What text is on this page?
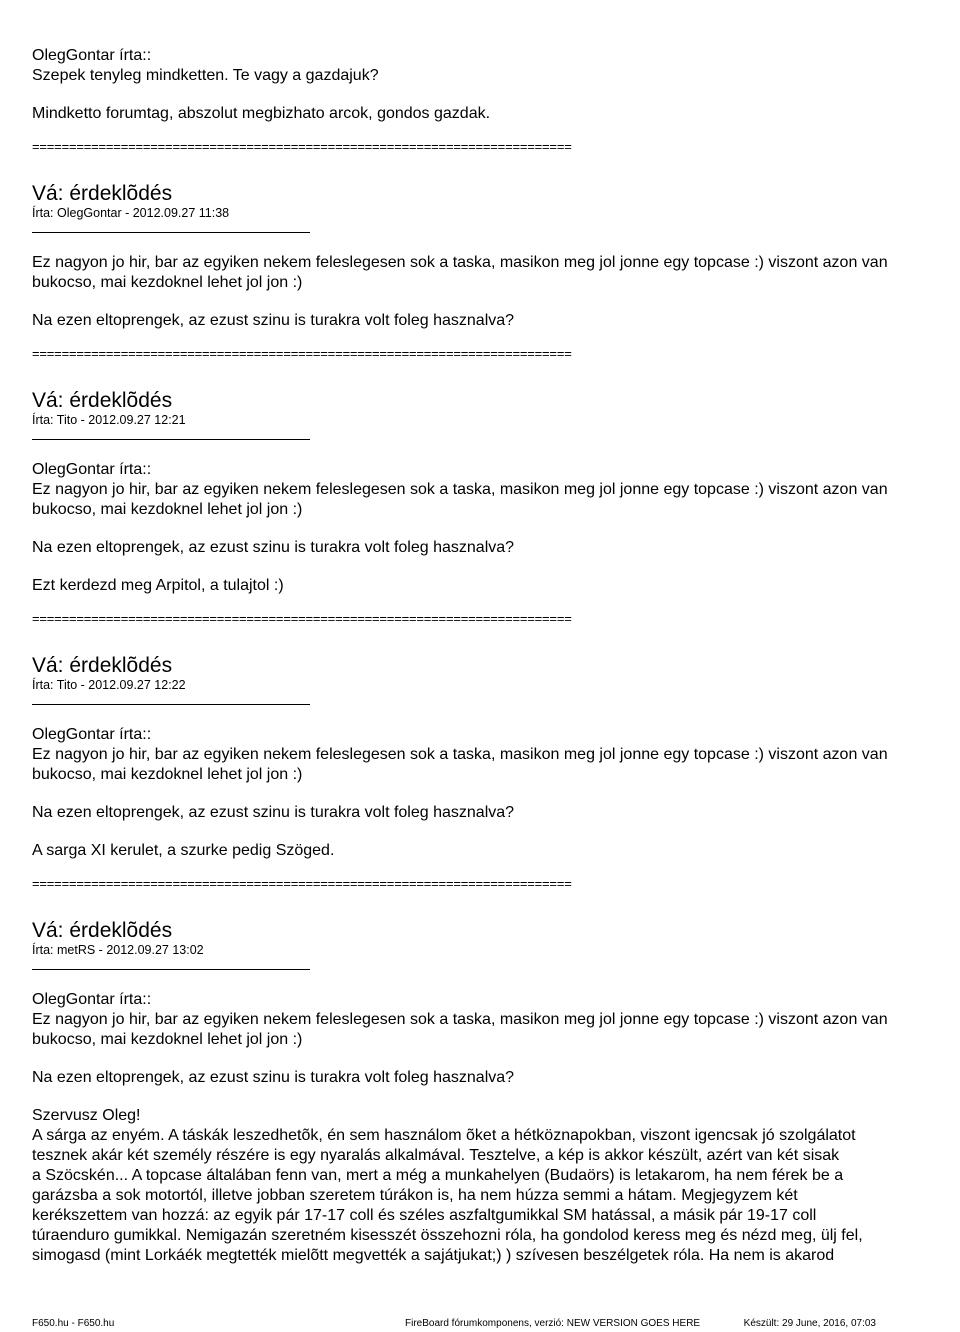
OlegGontar írta::

Szepek tenyleg mindketten. Te vagy a gazdajuk?

Mindketto forumtag, abszolut megbizhato arcok, gondos gazdak.

=========================================================================

Vá: érdeklõdés

Írta: OlegGontar - 2012.09.27 11:38

Ez nagyon jo hir, bar az egyiken nekem feleslegesen sok a taska, masikon meg jol jonne egy topcase :) viszont azon van

bukocso, mai kezdoknel lehet jol jon :)

Na ezen eltoprengek, az ezust szinu is turakra volt foleg hasznalva?

=========================================================================

Vá: érdeklõdés

Írta: Tito - 2012.09.27 12:21

OlegGontar írta::

Ez nagyon jo hir, bar az egyiken nekem feleslegesen sok a taska, masikon meg jol jonne egy topcase :) viszont azon van

bukocso, mai kezdoknel lehet jol jon :)

Na ezen eltoprengek, az ezust szinu is turakra volt foleg hasznalva?

Ezt kerdezd meg Arpitol, a tulajtol :)

=========================================================================

Vá: érdeklõdés

Írta: Tito - 2012.09.27 12:22

OlegGontar írta::

Ez nagyon jo hir, bar az egyiken nekem feleslegesen sok a taska, masikon meg jol jonne egy topcase :) viszont azon van

bukocso, mai kezdoknel lehet jol jon :)

Na ezen eltoprengek, az ezust szinu is turakra volt foleg hasznalva?

A sarga XI kerulet, a szurke pedig Szöged.

=========================================================================

Vá: érdeklõdés

Írta: metRS - 2012.09.27 13:02

OlegGontar írta::

Ez nagyon jo hir, bar az egyiken nekem feleslegesen sok a taska, masikon meg jol jonne egy topcase :) viszont azon van

bukocso, mai kezdoknel lehet jol jon :)

Na ezen eltoprengek, az ezust szinu is turakra volt foleg hasznalva?

Szervusz Oleg!

A sárga az enyém. A táskák leszedhetõk, én sem használom õket a hétköznapokban, viszont igencsak jó szolgálatot

tesznek akár két személy részére is egy nyaralás alkalmával. Tesztelve, a kép is akkor készült, azért van két sisak

a Szöcskén... A topcase általában fenn van, mert a még a munkahelyen (Budaörs) is letakarom, ha nem férek be a

garázsba a sok motortól, illetve jobban szeretem túrákon is, ha nem húzza semmi a hátam. Megjegyzem két

kerékszettem van hozzá: az egyik pár 17-17 coll és széles aszfaltgumikkal SM hatással, a másik pár 19-17 coll

túraenduro gumikkal. Nemigazán szeretném kisesszét összehozni róla, ha gondolod keress meg és nézd meg, ülj fel,

simogasd (mint Lorkáék megtették mielõtt megvették a sajátjukat;) ) szívesen beszélgetek róla. Ha nem is akarod

F650.hu - F650.hu	FireBoard fórumkomponens, verzió: NEW VERSION GOES HERE	Készült: 29 June, 2016, 07:03
